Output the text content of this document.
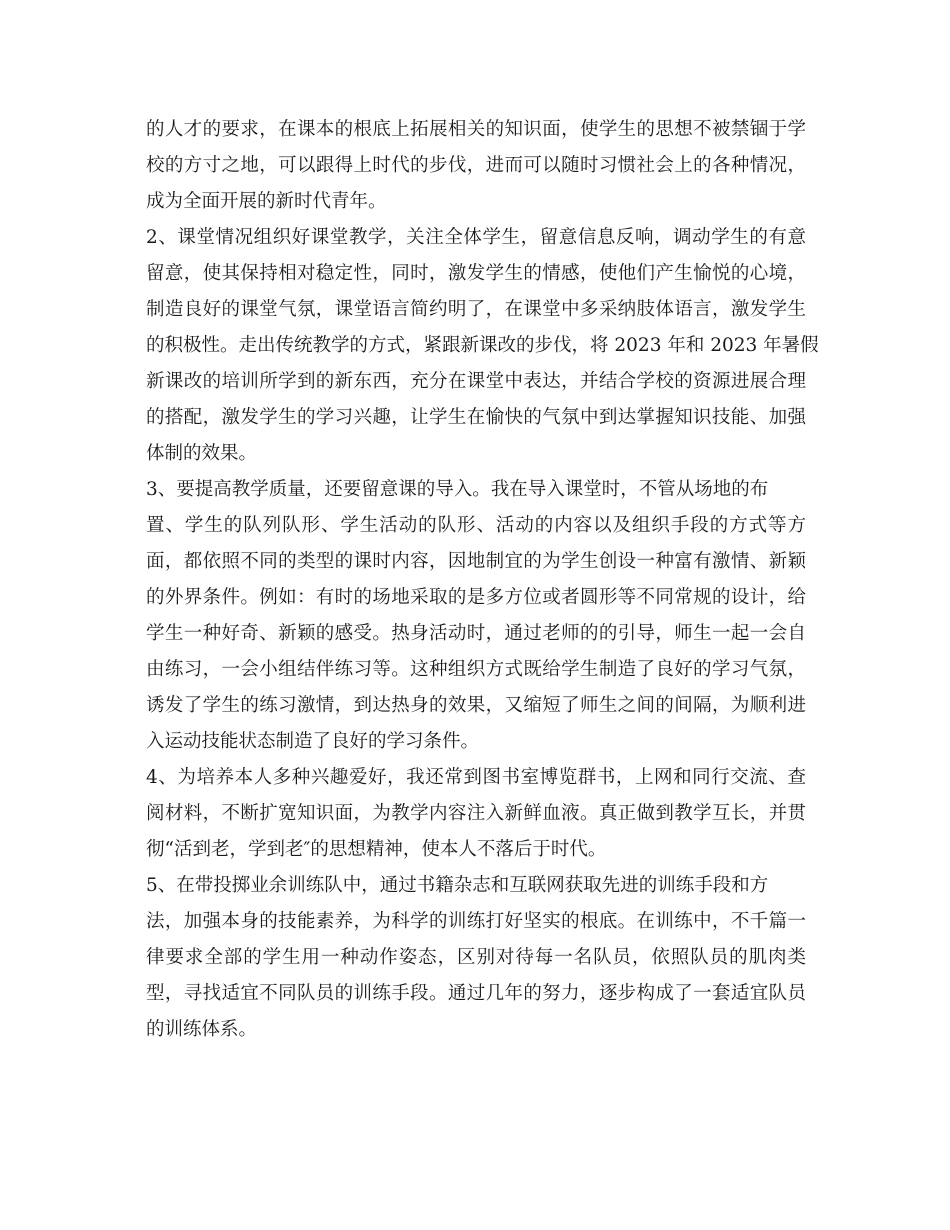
的人才的要求，在课本的根底上拓展相关的知识面，使学生的思想不被禁锢于学
校的方寸之地，可以跟得上时代的步伐，进而可以随时习惯社会上的各种情况，
成为全面开展的新时代青年。
2、课堂情况组织好课堂教学，关注全体学生，留意信息反响，调动学生的有意
留意，使其保持相对稳定性，同时，激发学生的情感，使他们产生愉悦的心境，
制造良好的课堂气氛，课堂语言简约明了，在课堂中多采纳肢体语言，激发学生
的积极性。走出传统教学的方式，紧跟新课改的步伐，将 2023 年和 2023 年暑假
新课改的培训所学到的新东西，充分在课堂中表达，并结合学校的资源进展合理
的搭配，激发学生的学习兴趣，让学生在愉快的气氛中到达掌握知识技能、加强
体制的效果。
3、要提高教学质量，还要留意课的导入。我在导入课堂时，不管从场地的布
置、学生的队列队形、学生活动的队形、活动的内容以及组织手段的方式等方
面，都依照不同的类型的课时内容，因地制宜的为学生创设一种富有激情、新颖
的外界条件。例如：有时的场地采取的是多方位或者圆形等不同常规的设计，给
学生一种好奇、新颖的感受。热身活动时，通过老师的的引导，师生一起一会自
由练习，一会小组结伴练习等。这种组织方式既给学生制造了良好的学习气氛，
诱发了学生的练习激情，到达热身的效果，又缩短了师生之间的间隔，为顺利进
入运动技能状态制造了良好的学习条件。
4、为培养本人多种兴趣爱好，我还常到图书室博览群书，上网和同行交流、查
阅材料，不断扩宽知识面，为教学内容注入新鲜血液。真正做到教学互长，并贯
彻“活到老，学到老″的思想精神，使本人不落后于时代。
5、在带投掷业余训练队中，通过书籍杂志和互联网获取先进的训练手段和方
法，加强本身的技能素养，为科学的训练打好坚实的根底。在训练中，不千篇一
律要求全部的学生用一种动作姿态，区别对待每一名队员，依照队员的肌肉类
型，寻找适宜不同队员的训练手段。通过几年的努力，逐步构成了一套适宜队员
的训练体系。
